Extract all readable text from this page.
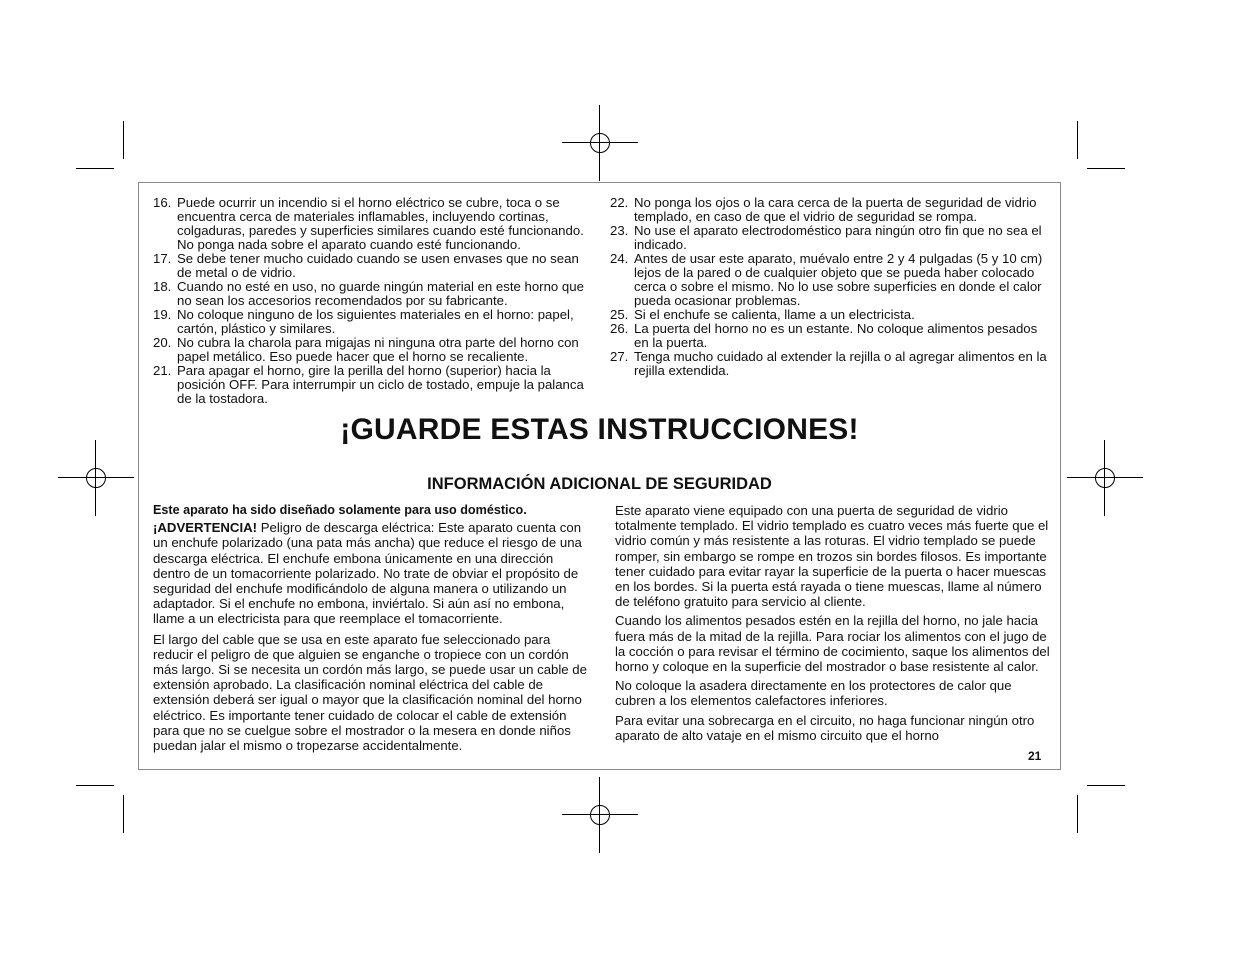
16. Puede ocurrir un incendio si el horno eléctrico se cubre, toca o se encuentra cerca de materiales inflamables, incluyendo cortinas, colgaduras, paredes y superficies similares cuando esté funcionando. No ponga nada sobre el aparato cuando esté funcionando.
17. Se debe tener mucho cuidado cuando se usen envases que no sean de metal o de vidrio.
18. Cuando no esté en uso, no guarde ningún material en este horno que no sean los accesorios recomendados por su fabricante.
19. No coloque ninguno de los siguientes materiales en el horno: papel, cartón, plástico y similares.
20. No cubra la charola para migajas ni ninguna otra parte del horno con papel metálico. Eso puede hacer que el horno se recaliente.
21. Para apagar el horno, gire la perilla del horno (superior) hacia la posición OFF. Para interrumpir un ciclo de tostado, empuje la palanca de la tostadora.
22. No ponga los ojos o la cara cerca de la puerta de seguridad de vidrio templado, en caso de que el vidrio de seguridad se rompa.
23. No use el aparato electrodoméstico para ningún otro fin que no sea el indicado.
24. Antes de usar este aparato, muévalo entre 2 y 4 pulgadas (5 y 10 cm) lejos de la pared o de cualquier objeto que se pueda haber colocado cerca o sobre el mismo. No lo use sobre superficies en donde el calor pueda ocasionar problemas.
25. Si el enchufe se calienta, llame a un electricista.
26. La puerta del horno no es un estante. No coloque alimentos pesados en la puerta.
27. Tenga mucho cuidado al extender la rejilla o al agregar alimentos en la rejilla extendida.
¡GUARDE ESTAS INSTRUCCIONES!
INFORMACIÓN ADICIONAL DE SEGURIDAD

Este aparato ha sido diseñado solamente para uso doméstico.

¡ADVERTENCIA! Peligro de descarga eléctrica: Este aparato cuenta con un enchufe polarizado (una pata más ancha) que reduce el riesgo de una descarga eléctrica. El enchufe embona únicamente en una dirección dentro de un tomacorriente polarizado. No trate de obviar el propósito de seguridad del enchufe modificándolo de alguna manera o utilizando un adaptador. Si el enchufe no embona, inviértalo. Si aún así no embona, llame a un electricista para que reemplace el tomacorriente.

El largo del cable que se usa en este aparato fue seleccionado para reducir el peligro de que alguien se enganche o tropiece con un cordón más largo. Si se necesita un cordón más largo, se puede usar un cable de extensión aprobado. La clasificación nominal eléctrica del cable de extensión deberá ser igual o mayor que la clasificación nominal del horno eléctrico. Es importante tener cuidado de colocar el cable de extensión para que no se cuelgue sobre el mostrador o la mesera en donde niños puedan jalar el mismo o tropezarse accidentalmente.

Este aparato viene equipado con una puerta de seguridad de vidrio totalmente templado. El vidrio templado es cuatro veces más fuerte que el vidrio común y más resistente a las roturas. El vidrio templado se puede romper, sin embargo se rompe en trozos sin bordes filosos. Es importante tener cuidado para evitar rayar la superficie de la puerta o hacer muescas en los bordes. Si la puerta está rayada o tiene muescas, llame al número de teléfono gratuito para servicio al cliente.

Cuando los alimentos pesados estén en la rejilla del horno, no jale hacia fuera más de la mitad de la rejilla. Para rociar los alimentos con el jugo de la cocción o para revisar el término de cocimiento, saque los alimentos del horno y coloque en la superficie del mostrador o base resistente al calor.

No coloque la asadera directamente en los protectores de calor que cubren a los elementos calefactores inferiores.

Para evitar una sobrecarga en el circuito, no haga funcionar ningún otro aparato de alto vataje en el mismo circuito que el horno

21
